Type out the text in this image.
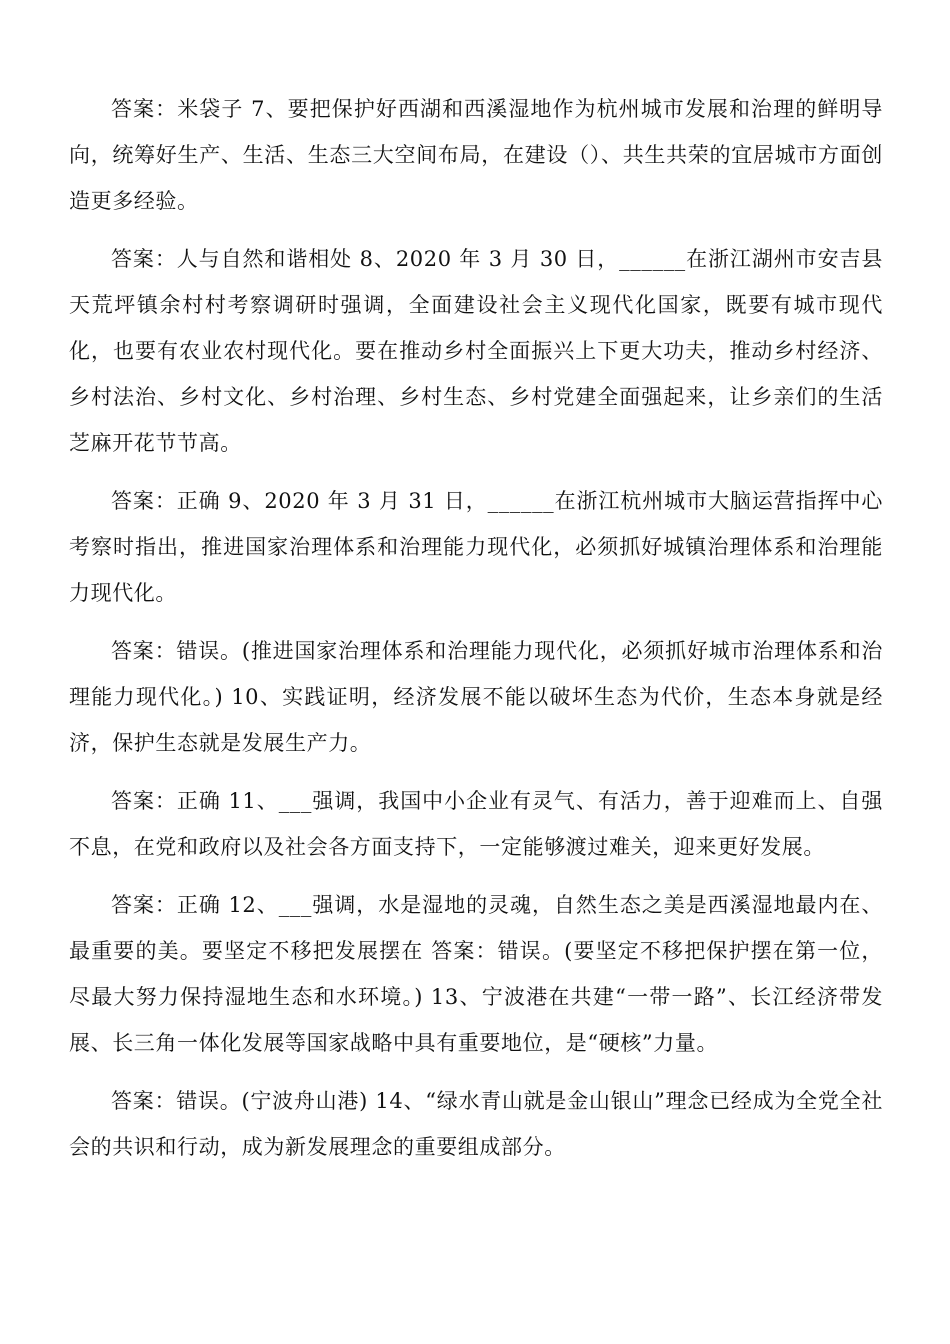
答案：米袋子 7、要把保护好西湖和西溪湿地作为杭州城市发展和治理的鲜明导向，统筹好生产、生活、生态三大空间布局，在建设（）、共生共荣的宜居城市方面创造更多经验。

答案：人与自然和谐相处 8、2020 年 3 月 30 日，______在浙江湖州市安吉县天荒坪镇余村村考察调研时强调，全面建设社会主义现代化国家，既要有城市现代化，也要有农业农村现代化。要在推动乡村全面振兴上下更大功夫，推动乡村经济、乡村法治、乡村文化、乡村治理、乡村生态、乡村党建全面强起来，让乡亲们的生活芝麻开花节节高。

答案：正确 9、2020 年 3 月 31 日，______在浙江杭州城市大脑运营指挥中心考察时指出，推进国家治理体系和治理能力现代化，必须抓好城镇治理体系和治理能力现代化。

答案：错误。(推进国家治理体系和治理能力现代化，必须抓好城市治理体系和治理能力现代化。) 10、实践证明，经济发展不能以破坏生态为代价，生态本身就是经济，保护生态就是发展生产力。

答案：正确 11、___强调，我国中小企业有灵气、有活力，善于迎难而上、自强不息，在党和政府以及社会各方面支持下，一定能够渡过难关，迎来更好发展。

答案：正确 12、___强调，水是湿地的灵魂，自然生态之美是西溪湿地最内在、最重要的美。要坚定不移把发展摆在 答案：错误。(要坚定不移把保护摆在第一位，尽最大努力保持湿地生态和水环境。) 13、宁波港在共建“一带一路”、长江经济带发展、长三角一体化发展等国家战略中具有重要地位，是“硬核”力量。

答案：错误。(宁波舟山港) 14、“绿水青山就是金山银山”理念已经成为全党全社会的共识和行动，成为新发展理念的重要组成部分。
